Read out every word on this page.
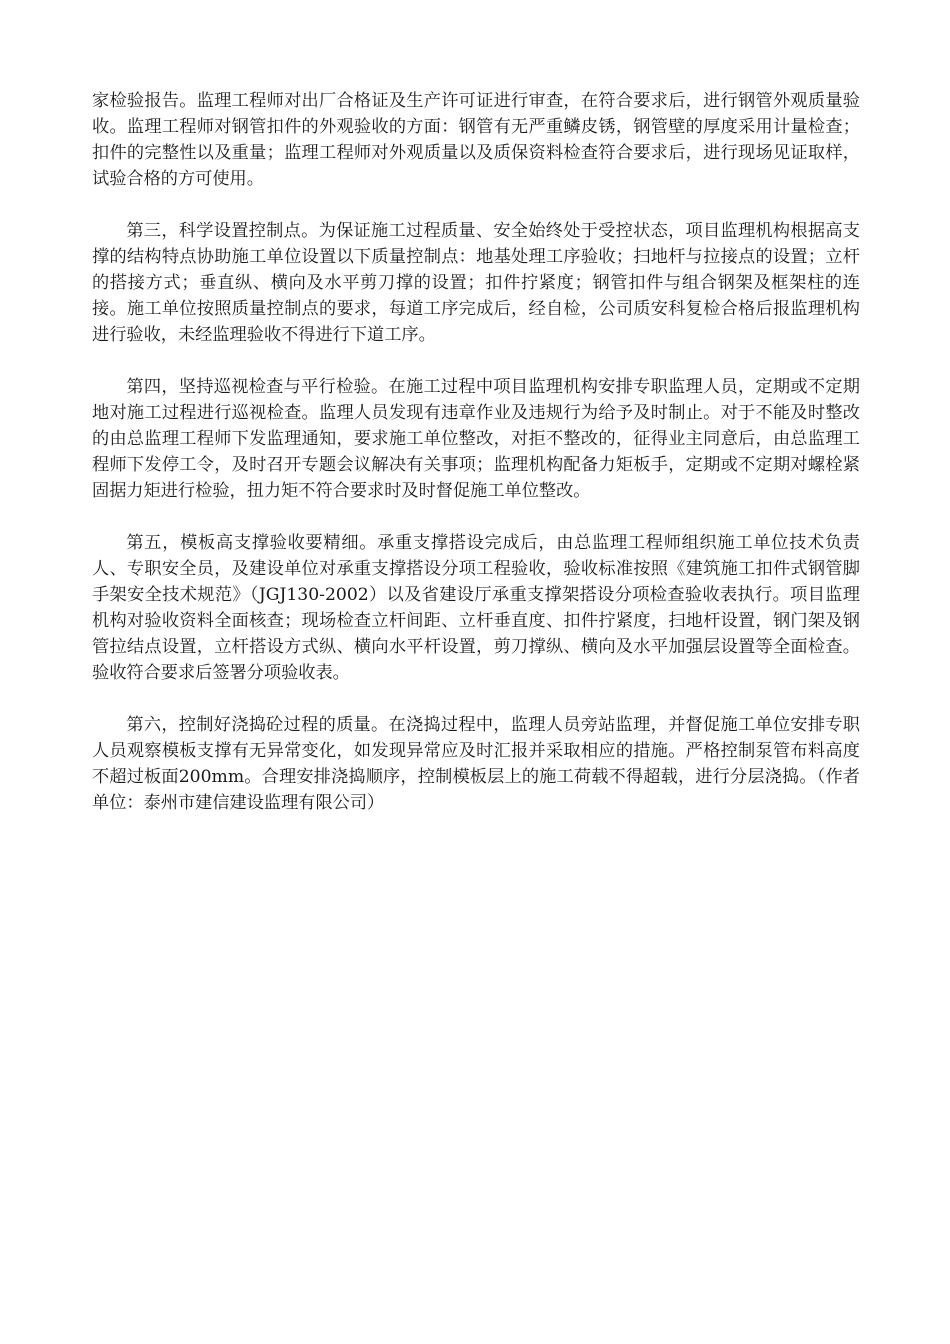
家检验报告。监理工程师对出厂合格证及生产许可证进行审查，在符合要求后，进行钢管外观质量验收。监理工程师对钢管扣件的外观验收的方面：钢管有无严重鳞皮锈，钢管壁的厚度采用计量检查；扣件的完整性以及重量；监理工程师对外观质量以及质保资料检查符合要求后，进行现场见证取样，试验合格的方可使用。

第三，科学设置控制点。为保证施工过程质量、安全始终处于受控状态，项目监理机构根据高支撑的结构特点协助施工单位设置以下质量控制点：地基处理工序验收；扫地杆与拉接点的设置；立杆的搭接方式；垂直纵、横向及水平剪刀撑的设置；扣件拧紧度；钢管扣件与组合钢架及框架柱的连接。施工单位按照质量控制点的要求，每道工序完成后，经自检，公司质安科复检合格后报监理机构进行验收，未经监理验收不得进行下道工序。

第四，坚持巡视检查与平行检验。在施工过程中项目监理机构安排专职监理人员，定期或不定期地对施工过程进行巡视检查。监理人员发现有违章作业及违规行为给予及时制止。对于不能及时整改的由总监理工程师下发监理通知，要求施工单位整改，对拒不整改的，征得业主同意后，由总监理工程师下发停工令，及时召开专题会议解决有关事项；监理机构配备力矩板手，定期或不定期对螺栓紧固据力矩进行检验，扭力矩不符合要求时及时督促施工单位整改。

第五，模板高支撑验收要精细。承重支撑搭设完成后，由总监理工程师组织施工单位技术负责人、专职安全员，及建设单位对承重支撑搭设分项工程验收，验收标准按照《建筑施工扣件式钢管脚手架安全技术规范》（JGJ130-2002）以及省建设厅承重支撑架搭设分项检查验收表执行。项目监理机构对验收资料全面核查；现场检查立杆间距、立杆垂直度、扣件拧紧度，扫地杆设置，钢门架及钢管拉结点设置，立杆搭设方式纵、横向水平杆设置，剪刀撑纵、横向及水平加强层设置等全面检查。验收符合要求后签署分项验收表。

第六，控制好浇捣砼过程的质量。在浇捣过程中，监理人员旁站监理，并督促施工单位安排专职人员观察模板支撑有无异常变化，如发现异常应及时汇报并采取相应的措施。严格控制泵管布料高度不超过板面200mm。合理安排浇捣顺序，控制模板层上的施工荷载不得超载，进行分层浇捣。（作者单位：泰州市建信建设监理有限公司）
